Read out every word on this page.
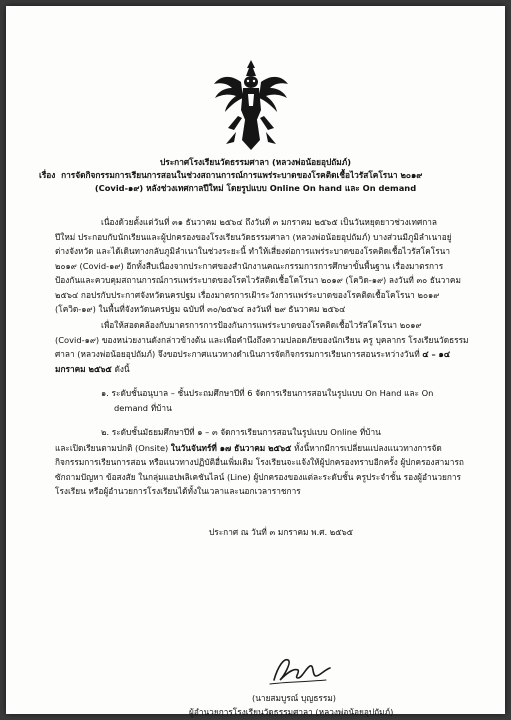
ประกาศโรงเรียนวัดธรรมศาลา (หลวงพ่อน้อยอุปถัมภ์)
เรื่อง การจัดกิจกรรมการเรียนการสอนในช่วงสถานการณ์การแพร่ระบาดของโรคติดเชื้อไวรัสโคโรนา ๒๐๑๙
(Covid-๑๙) หลังช่วงเทศกาลปีใหม่ โดยรูปแบบ Online On hand และ On demand
เนื่องด้วยตั้งแต่วันที่ ๓๑ ธันวาคม ๒๕๖๔ ถึงวันที่ ๓ มกราคม ๒๕๖๕ เป็นวันหยุดยาวช่วงเทศกาล
ปีใหม่ ประกอบกับนักเรียนและผู้ปกครองของโรงเรียนวัดธรรมศาลา (หลวงพ่อน้อยอุปถัมภ์) บางส่วนมีภูมิลำเนาอยู่
ต่างจังหวัด และได้เดินทางกลับภูมิลำเนาในช่วงระยะนี้ ทำให้เสี่ยงต่อการแพร่ระบาดของโรคติดเชื้อไวรัสโคโรนา
๒๐๑๙ (Covid-๑๙) อีกทั้งสืบเนื่องจากประกาศของสำนักงานคณะกรรมการการศึกษาขั้นพื้นฐาน เรื่องมาตรการ
ป้องกันและควบคุมสถานการณ์การแพร่ระบาดของโรคไวรัสติดเชื้อโคโรนา ๒๐๑๙ (โควิด-๑๙) ลงวันที่ ๓๐ ธันวาคม
๒๕๖๔ กอปรกับประกาศจังหวัดนครปฐม เรื่องมาตรการเฝ้าระวังการแพร่ระบาดของโรคติดเชื้อโคโรนา ๒๐๑๙
(โควิด-๑๙) ในพื้นที่จังหวัดนครปฐม ฉบับที่ ๓๐/๒๕๖๔ ลงวันที่ ๒๙ ธันวาคม ๒๕๖๔
เพื่อให้สอดคล้องกับมาตรการการป้องกันการแพร่ระบาดของโรคติดเชื้อไวรัสโคโรนา ๒๐๑๙
(Covid-๑๙) ของหน่วยงานดังกล่าวข้างต้น และเพื่อคำนึงถึงความปลอดภัยของนักเรียน ครู บุคลากร โรงเรียนวัดธรรม
ศาลา (หลวงพ่อน้อยอุปถัมภ์) จึงขอประกาศแนวทางดำเนินการจัดกิจกรรมการเรียนการสอนระหว่างวันที่ ๔ – ๑๔
มกราคม ๒๕๖๕ ดังนี้
๑. ระดับชั้นอนุบาล – ชั้นประถมศึกษาปีที่ 6 จัดการเรียนการสอนในรูปแบบ On Hand และ On
demand ที่บ้าน
๒. ระดับชั้นมัธยมศึกษาปีที่ ๑ – ๓ จัดการเรียนการสอนในรูปแบบ Online ที่บ้าน
และเปิดเรียนตามปกติ (Onsite) ในวันจันทร์ที่ ๑๗ ธันวาคม ๒๕๖๕ ทั้งนี้หากมีการเปลี่ยนแปลงแนวทางการจัด
กิจกรรมการเรียนการสอน หรือแนวทางปฏิบัติอื่นเพิ่มเติม โรงเรียนจะแจ้งให้ผู้ปกครองทราบอีกครั้ง ผู้ปกครองสามารถ
ซักถามปัญหา ข้อสงสัย ในกลุ่มแอปพลิเคชันไลน์ (Line) ผู้ปกครองของแต่ละระดับชั้น ครูประจำชั้น รองผู้อำนวยการ
โรงเรียน หรือผู้อำนวยการโรงเรียนได้ทั้งในเวลาและนอกเวลาราชการ
ประกาศ ณ วันที่ ๓ มกราคม พ.ศ. ๒๕๖๕
(นายสมบูรณ์ บุญธรรม)
ผู้อำนวยการโรงเรียนวัดธรรมศาลา (หลวงพ่อน้อยอุปถัมภ์)
